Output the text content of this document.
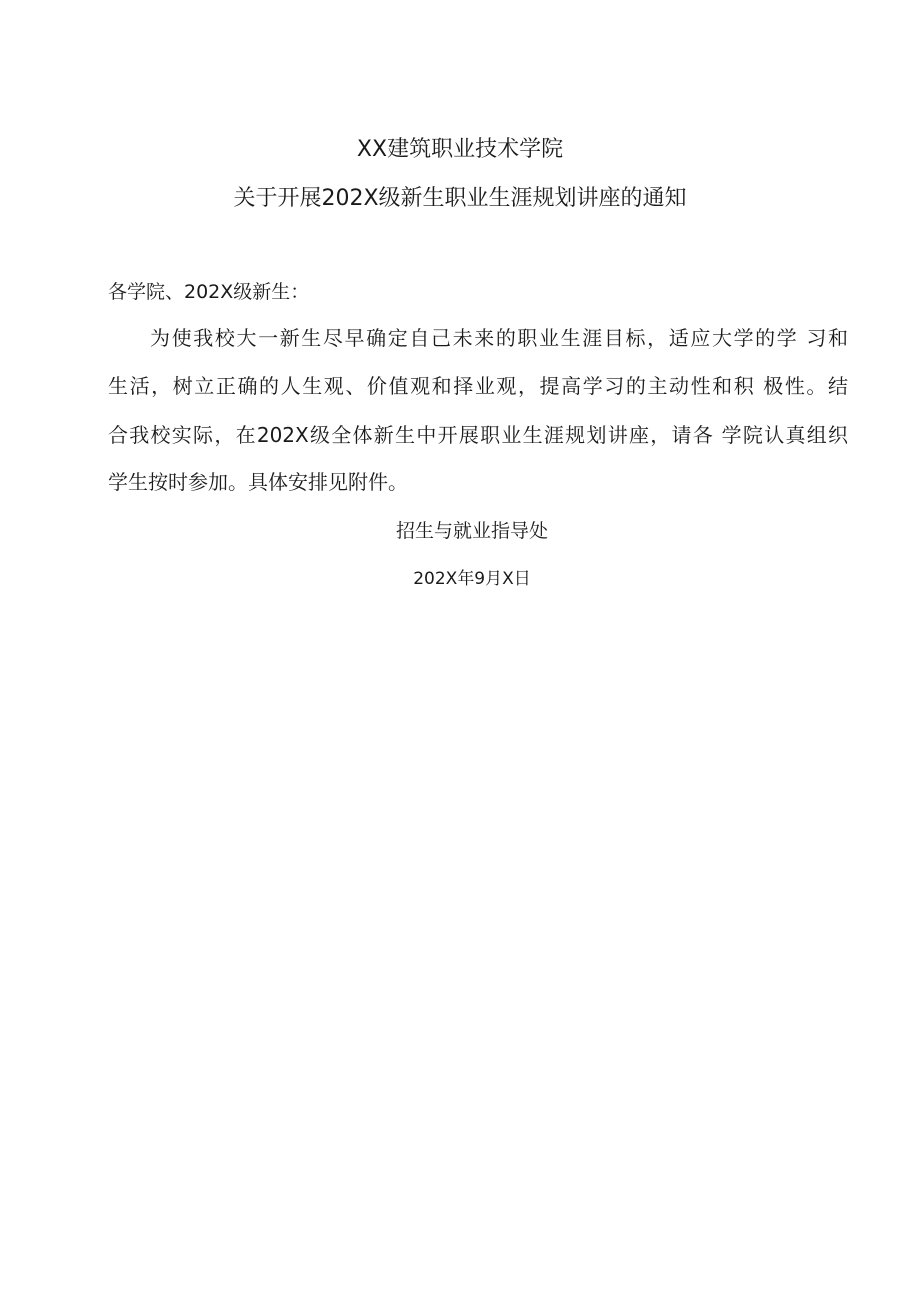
XX建筑职业技术学院
关于开展202X级新生职业生涯规划讲座的通知
各学院、202X级新生：
为使我校大一新生尽早确定自己未来的职业生涯目标，适应大学的学 习和
生活，树立正确的人生观、价值观和择业观，提高学习的主动性和积 极性。结
合我校实际，在202X级全体新生中开展职业生涯规划讲座，请各 学院认真组织
学生按时参加。具体安排见附件。
招生与就业指导处
202X年9月X日
